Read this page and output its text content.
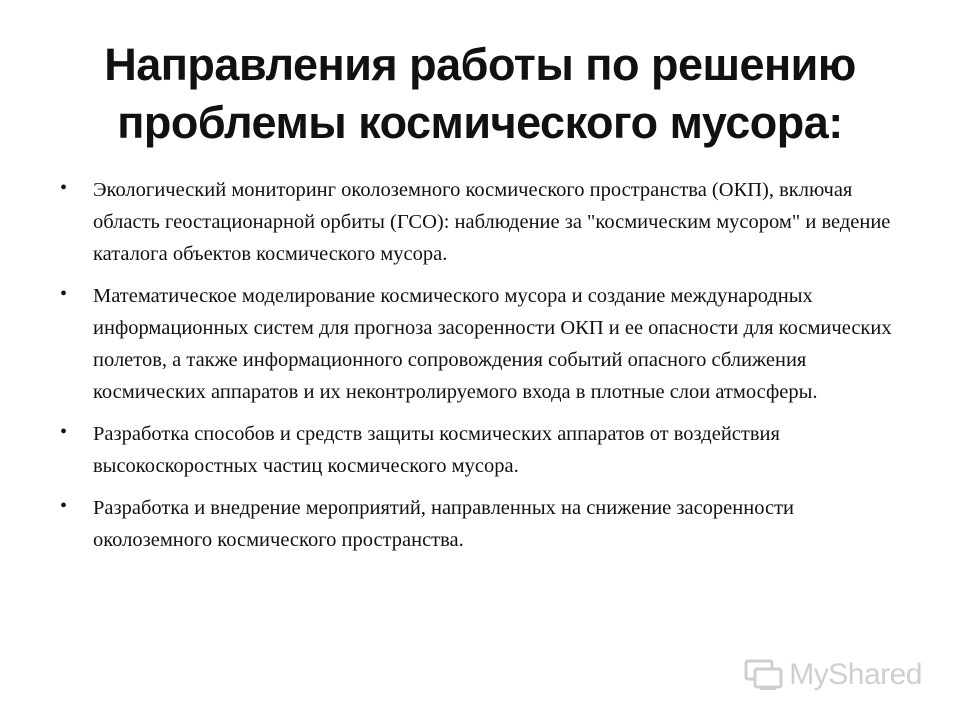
Направления работы по решению проблемы космического мусора:
• Экологический мониторинг околоземного космического пространства (ОКП), включая область геостационарной орбиты (ГСО): наблюдение за "космическим мусором" и ведение каталога объектов космического мусора.
• Математическое моделирование космического мусора и создание международных информационных систем для прогноза засоренности ОКП и ее опасности для космических полетов, а также информационного сопровождения событий опасного сближения космических аппаратов и их неконтролируемого входа в плотные слои атмосферы.
• Разработка способов и средств защиты космических аппаратов от воздействия высокоскоростных частиц космического мусора.
• Разработка и внедрение мероприятий, направленных на снижение засоренности околоземного космического пространства.
MyShared
